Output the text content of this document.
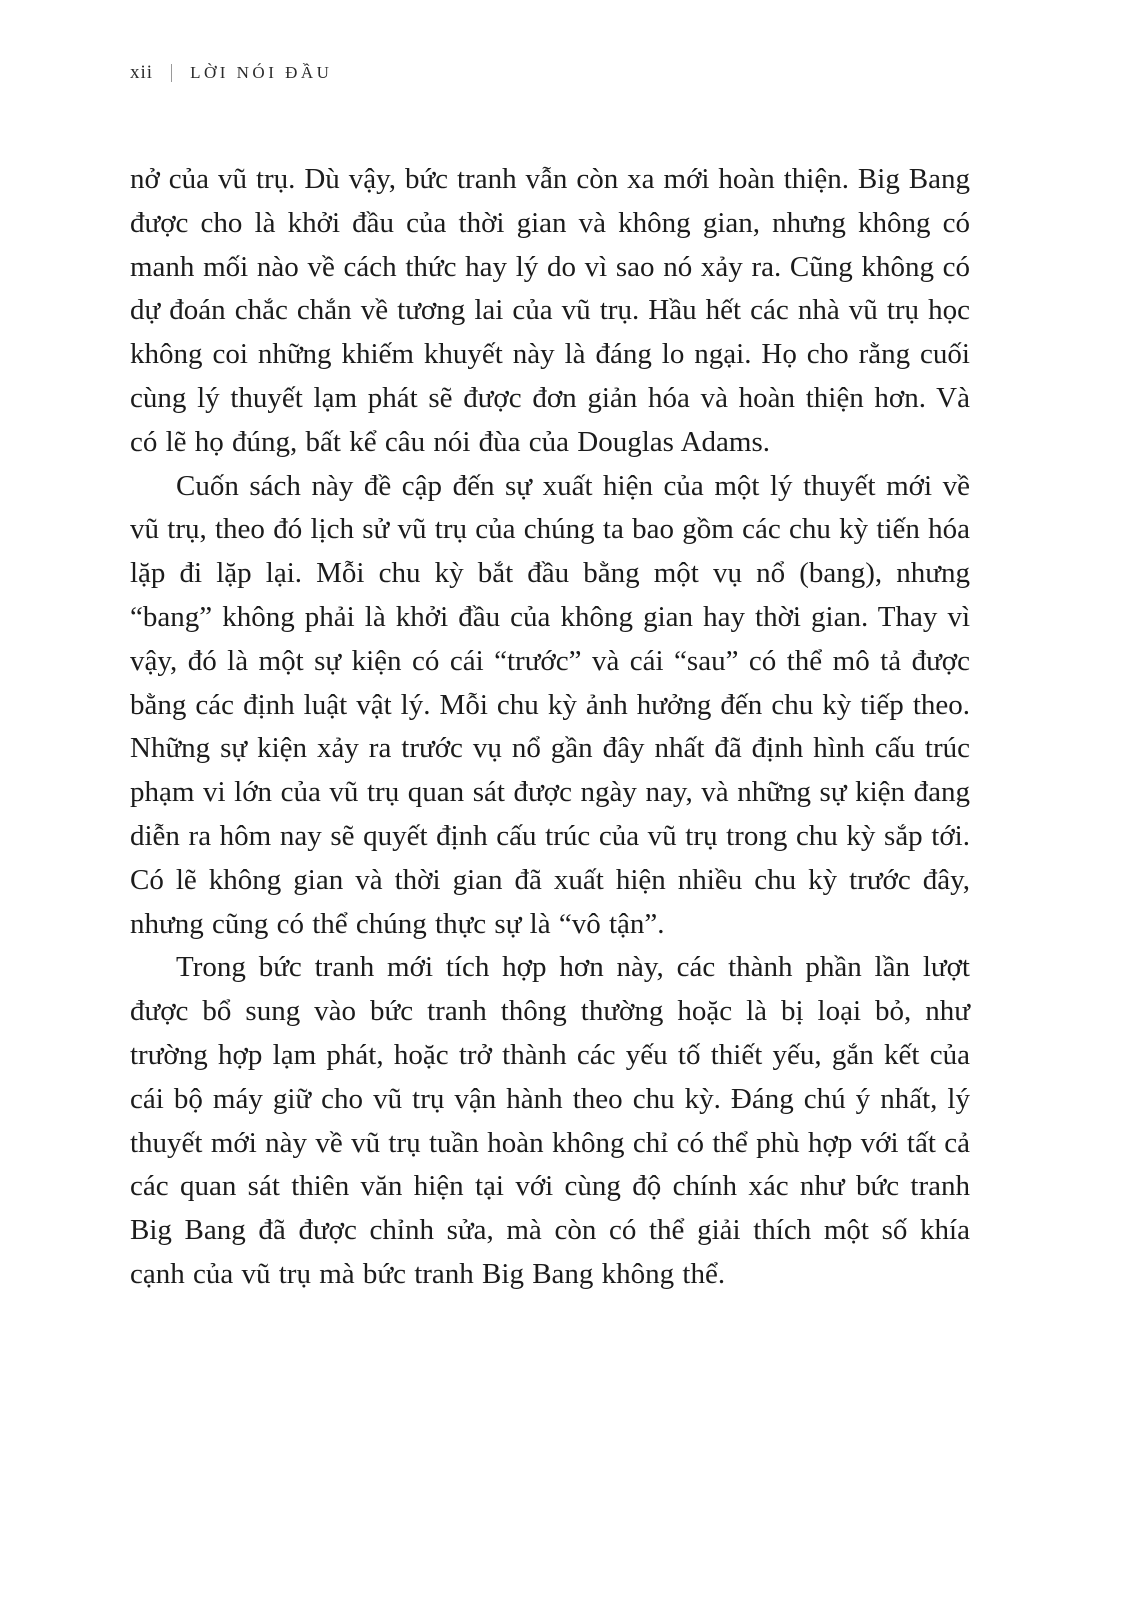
xii LỜI NÓI ĐẦU

nở của vũ trụ. Dù vậy, bức tranh vẫn còn xa mới hoàn thiện. Big Bang được cho là khởi đầu của thời gian và không gian, nhưng không có manh mối nào về cách thức hay lý do vì sao nó xảy ra. Cũng không có dự đoán chắc chắn về tương lai của vũ trụ. Hầu hết các nhà vũ trụ học không coi những khiếm khuyết này là đáng lo ngại. Họ cho rằng cuối cùng lý thuyết lạm phát sẽ được đơn giản hóa và hoàn thiện hơn. Và có lẽ họ đúng, bất kể câu nói đùa của Douglas Adams.

Cuốn sách này đề cập đến sự xuất hiện của một lý thuyết mới về vũ trụ, theo đó lịch sử vũ trụ của chúng ta bao gồm các chu kỳ tiến hóa lặp đi lặp lại. Mỗi chu kỳ bắt đầu bằng một vụ nổ (bang), nhưng “bang” không phải là khởi đầu của không gian hay thời gian. Thay vì vậy, đó là một sự kiện có cái “trước” và cái “sau” có thể mô tả được bằng các định luật vật lý. Mỗi chu kỳ ảnh hưởng đến chu kỳ tiếp theo. Những sự kiện xảy ra trước vụ nổ gần đây nhất đã định hình cấu trúc phạm vi lớn của vũ trụ quan sát được ngày nay, và những sự kiện đang diễn ra hôm nay sẽ quyết định cấu trúc của vũ trụ trong chu kỳ sắp tới. Có lẽ không gian và thời gian đã xuất hiện nhiều chu kỳ trước đây, nhưng cũng có thể chúng thực sự là “vô tận”.

Trong bức tranh mới tích hợp hơn này, các thành phần lần lượt được bổ sung vào bức tranh thông thường hoặc là bị loại bỏ, như trường hợp lạm phát, hoặc trở thành các yếu tố thiết yếu, gắn kết của cái bộ máy giữ cho vũ trụ vận hành theo chu kỳ. Đáng chú ý nhất, lý thuyết mới này về vũ trụ tuần hoàn không chỉ có thể phù hợp với tất cả các quan sát thiên văn hiện tại với cùng độ chính xác như bức tranh Big Bang đã được chỉnh sửa, mà còn có thể giải thích một số khía cạnh của vũ trụ mà bức tranh Big Bang không thể.
